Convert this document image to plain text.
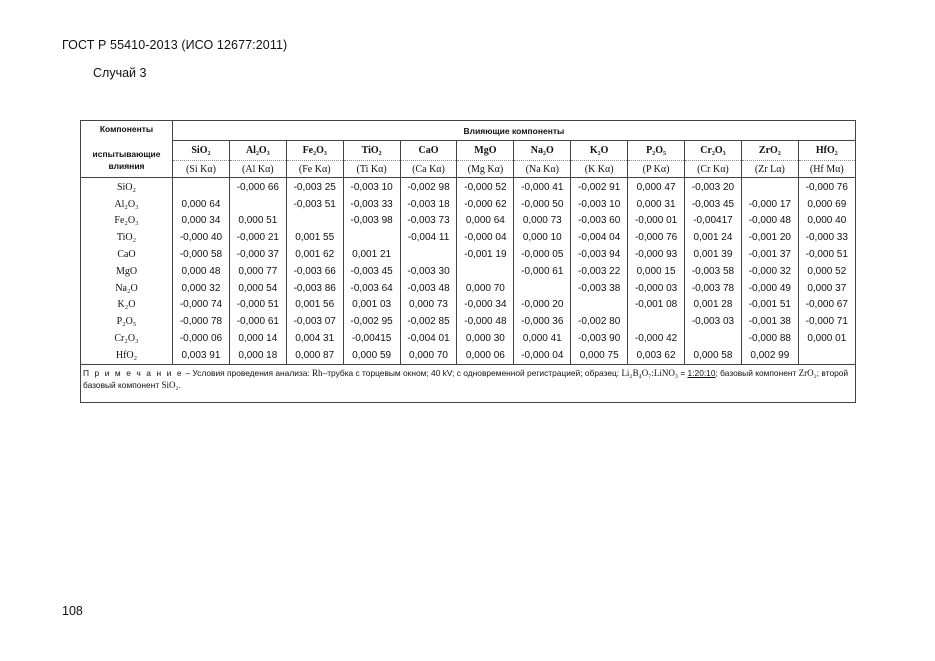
ГОСТ Р 55410-2013 (ИСО 12677:2011)
Случай 3
Компоненты
испытывающие влияния	Влияющие компоненты											
	SiO₂	Al₂O₃	Fe₂O₃	TiO₂	CaO	MgO	Na₂O	K₂O	P₂O₅	Cr₂O₃	ZrO₂	HfO₂
	(Si Kα)	(Al Kα)	(Fe Kα)	(Ti Kα)	(Ca Kα)	(Mg Kα)	(Na Kα)	(K Kα)	(P Kα)	(Cr Kα)	(Zr Lα)	(Hf Mα)
SiO₂		-0,000 66	-0,003 25	-0,003 10	-0,002 98	-0,000 52	-0,000 41	-0,002 91	0,000 47	-0,003 20		-0,000 76
Al₂O₃	0,000 64		-0,003 51	-0,003 33	-0,003 18	-0,000 62	-0,000 50	-0,003 10	0,000 31	-0,003 45	-0,000 17	0,000 69
Fe₂O₃	0,000 34	0,000 51		-0,003 98	-0,003 73	0,000 64	0,000 73	-0,003 60	-0,000 01	-0,00417	-0,000 48	0,000 40
TiO₂	-0,000 40	-0,000 21	0,001 55		-0,004 11	-0,000 04	0,000 10	-0,004 04	-0,000 76	0,001 24	-0,001 20	-0,000 33
CaO	-0,000 58	-0,000 37	0,001 62	0,001 21		-0,001 19	-0,000 05	-0,003 94	-0,000 93	0,001 39	-0,001 37	-0,000 51
MgO	0,000 48	0,000 77	-0,003 66	-0,003 45	-0,003 30		-0,000 61	-0,003 22	0,000 15	-0,003 58	-0,000 32	0,000 52
Na₂O	0,000 32	0,000 54	-0,003 86	-0,003 64	-0,003 48	0,000 70		-0,003 38	-0,000 03	-0,003 78	-0,000 49	0,000 37
K₂O	-0,000 74	-0,000 51	0,001 56	0,001 03	0,000 73	-0,000 34	-0,000 20		-0,001 08	0,001 28	-0,001 51	-0,000 67
P₂O₅	-0,000 78	-0,000 61	-0,003 07	-0,002 95	-0,002 85	-0,000 48	-0,000 36	-0,002 80		-0,003 03	-0,001 38	-0,000 71
Cr₂O₃	-0,000 06	0,000 14	0,004 31	-0,00415	-0,004 01	0,000 30	0,000 41	-0,003 90	-0,000 42		-0,000 88	0,000 01
HfO₂	0,003 91	0,000 18	0,000 87	0,000 59	0,000 70	0,000 06	-0,000 04	0,000 75	0,003 62	0,000 58	0,002 99	
П р и м е ч а н и е – Условия проведения анализа: Rh–трубка с торцевым окном; 40 kV; с одновременной регистрацией; образец: Li₂B₄O₇:LiNO₃ = 1:20:10; базовый компонент ZrO₂; второй базовый компонент SiO₂.												
108
